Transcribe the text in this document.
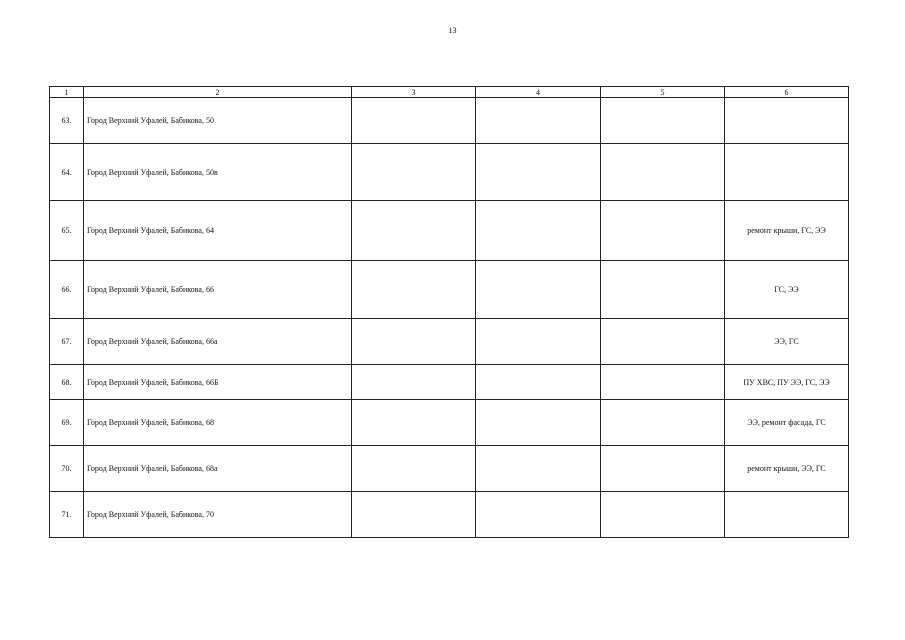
13
1	2	3	4	5	6
63.	Город Верхний Уфалей, Бабикова, 50				
64.	Город Верхний Уфалей, Бабикова, 50в				
65.	Город Верхний Уфалей, Бабикова, 64				ремонт крыши, ГС, ЭЭ
66.	Город Верхний Уфалей, Бабикова, 66				ГС, ЭЭ
67.	Город Верхний Уфалей, Бабикова, 66а				ЭЭ, ГС
68.	Город Верхний Уфалей, Бабикова, 66Б				ПУ ХВС, ПУ ЭЭ, ГС, ЭЭ
69.	Город Верхний Уфалей, Бабикова, 68				ЭЭ, ремонт фасада, ГС
70.	Город Верхний Уфалей, Бабикова, 68а				ремонт крыши, ЭЭ, ГС
71.	Город Верхний Уфалей, Бабикова, 70				
